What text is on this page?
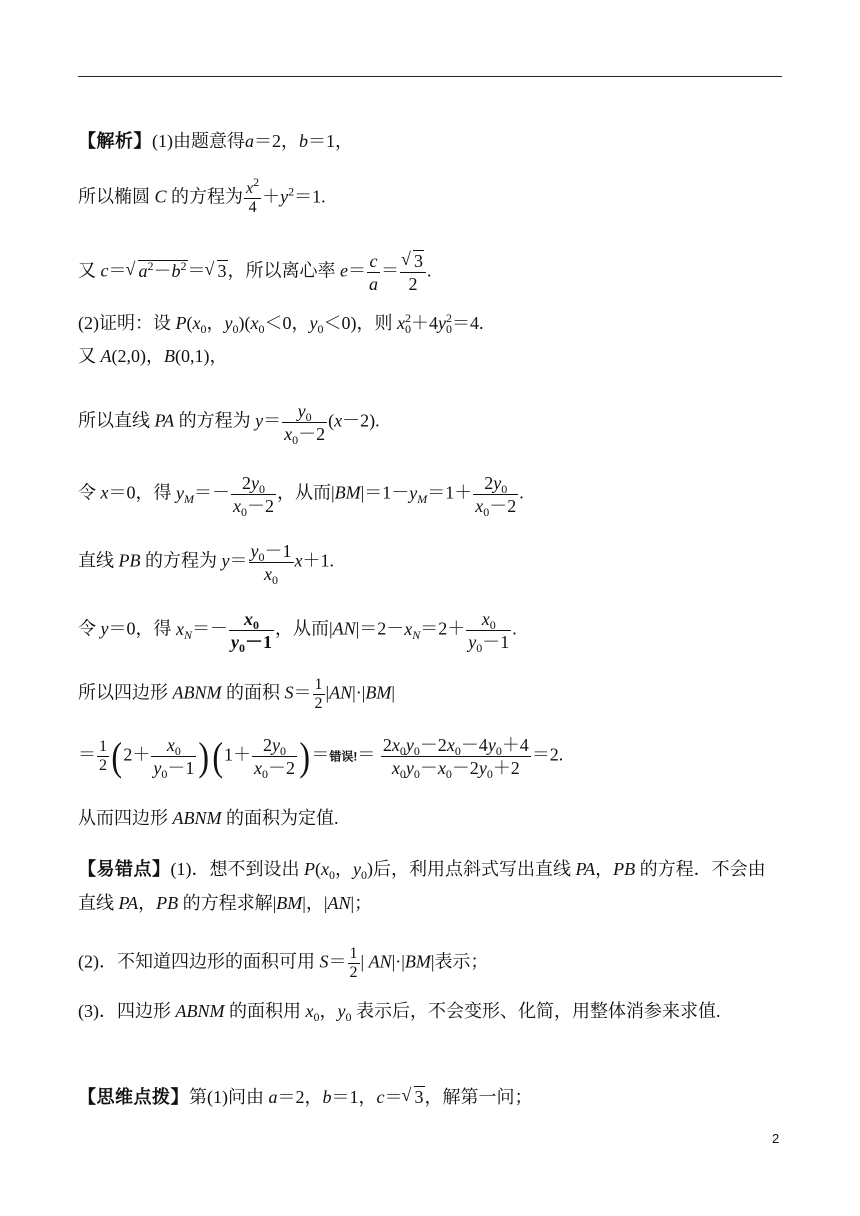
【解析】(1)由题意得a＝2，b＝1，
所以椭圆 C 的方程为 $\frac{x^2}{4} +y^2=1$.
又 c＝√ $a^2-b^2=√$ 3，所以离心率 $e= \frac{c}{a}$ ＝
√ $\frac{3}{2}$ .
(2)证明：设 $P(x_0$，$y_0)(x_0<0$，$y_0<0$)，则 $x_0^2+4y_0^2=4$.
又 A(2,0)，B(0,1)，
所以直线 PA 的方程为 $y= \frac{y_0}{x_0-2} (x-2)$.
令 x＝0，得 $y_M=- \frac{2y_0}{x_0-2}$ ，从而$|BM|=1-y_M=1+ \frac{2y_0}{x_0-2}$ .
直线 PB 的方程为 $y= \frac{y_0-1}{x_0} x+1$.
令 y＝0，得 $x_N=- \frac{x_0}{y_0-1}$ ，从而$|AN|=2-x_N=2+ \frac{x_0}{y_0-1}$ .
所以四边形 ABNM 的面积 $S= \frac{1}{2} |AN|\cdot|BM|$
＝ $\frac{1}{2} (2+ \frac{x_0}{y_0-1} )(1+ \frac{2y_0}{x_0-2}$ )＝错误!＝ $\frac{2x_0y_0-2x_0-4y_0+4}{x_0y_0-x_0-2y_0+2} =2$.
从而四边形 ABNM 的面积为定值.
【易错点】(1)．想不到设出 $P(x_0$，$y_0$)后，利用点斜式写出直线 PA，PB 的方程．不会由直线 PA，PB 的方程求解|BM|，|AN|；
(2)．不知道四边形的面积可用 $S= \frac{1}{2}$ | AN|·|BM|表示；
(3)．四边形 ABNM 的面积用 $x_0$，$y_0$ 表示后，不会变形、化简，用整体消参来求值.
【思维点拨】第(1)问由 a＝2，b＝1，c＝√ 3，解第一问；
2
